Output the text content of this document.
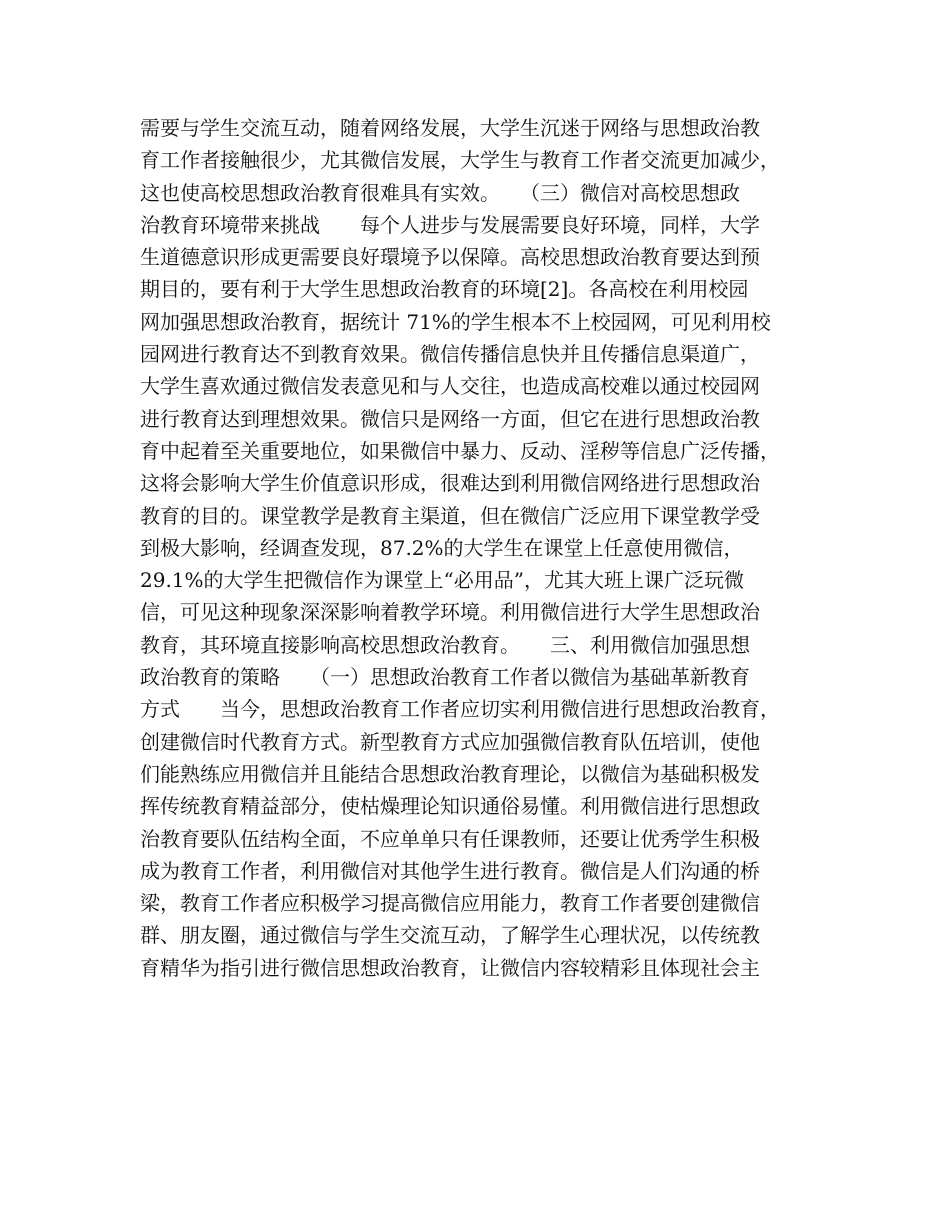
需要与学生交流互动，随着网络发展，大学生沉迷于网络与思想政治教
育工作者接触很少，尤其微信发展，大学生与教育工作者交流更加减少，
这也使高校思想政治教育很难具有实效。　　（三）微信对高校思想政
治教育环境带来挑战　　每个人进步与发展需要良好环境，同样，大学
生道德意识形成更需要良好環境予以保障。高校思想政治教育要达到预
期目的，要有利于大学生思想政治教育的环境[2]。各高校在利用校园
网加强思想政治教育，据统计 71%的学生根本不上校园网，可见利用校
园网进行教育达不到教育效果。微信传播信息快并且传播信息渠道广，
大学生喜欢通过微信发表意见和与人交往，也造成高校难以通过校园网
进行教育达到理想效果。微信只是网络一方面，但它在进行思想政治教
育中起着至关重要地位，如果微信中暴力、反动、淫秽等信息广泛传播，
这将会影响大学生价值意识形成，很难达到利用微信网络进行思想政治
教育的目的。课堂教学是教育主渠道，但在微信广泛应用下课堂教学受
到极大影响，经调查发现，87.2%的大学生在课堂上任意使用微信，
29.1%的大学生把微信作为课堂上“必用品”，尤其大班上课广泛玩微
信，可见这种现象深深影响着教学环境。利用微信进行大学生思想政治
教育，其环境直接影响高校思想政治教育。　　三、利用微信加强思想
政治教育的策略　　（一）思想政治教育工作者以微信为基础革新教育
方式　　当今，思想政治教育工作者应切实利用微信进行思想政治教育，
创建微信时代教育方式。新型教育方式应加强微信教育队伍培训，使他
们能熟练应用微信并且能结合思想政治教育理论，以微信为基础积极发
挥传统教育精益部分，使枯燥理论知识通俗易懂。利用微信进行思想政
治教育要队伍结构全面，不应单单只有任课教师，还要让优秀学生积极
成为教育工作者，利用微信对其他学生进行教育。微信是人们沟通的桥
梁，教育工作者应积极学习提高微信应用能力，教育工作者要创建微信
群、朋友圈，通过微信与学生交流互动，了解学生心理状况，以传统教
育精华为指引进行微信思想政治教育，让微信内容较精彩且体现社会主
